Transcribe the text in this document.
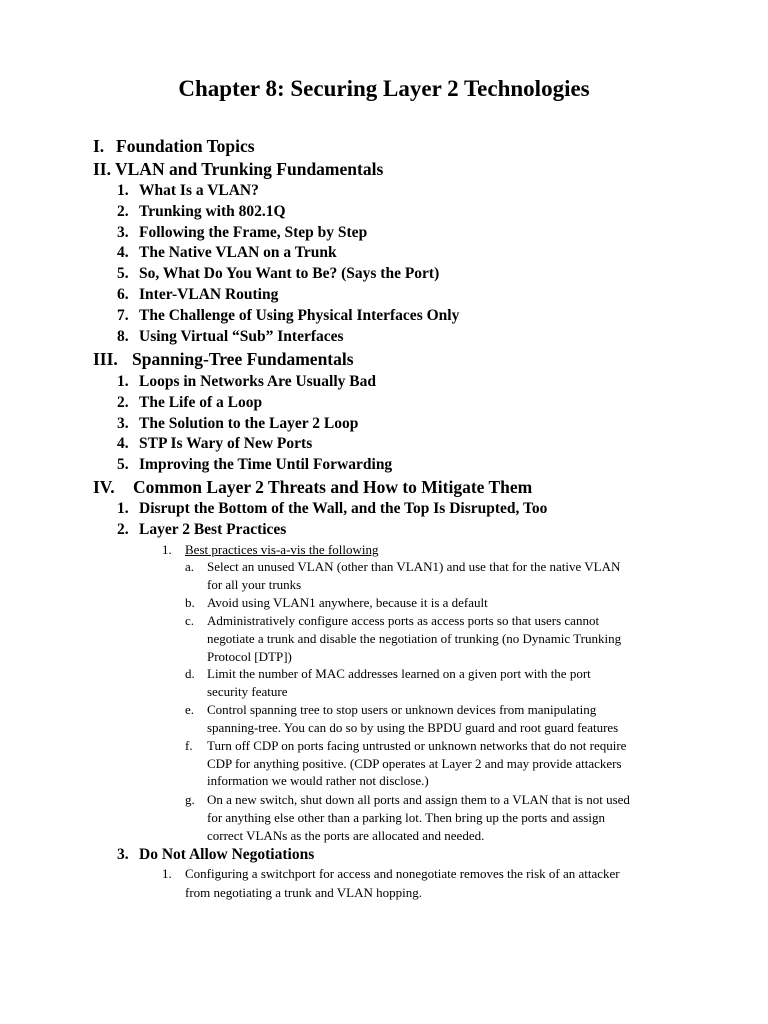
Chapter 8: Securing Layer 2 Technologies
I. Foundation Topics
II. VLAN and Trunking Fundamentals
1. What Is a VLAN?
2. Trunking with 802.1Q
3. Following the Frame, Step by Step
4. The Native VLAN on a Trunk
5. So, What Do You Want to Be? (Says the Port)
6. Inter-VLAN Routing
7. The Challenge of Using Physical Interfaces Only
8. Using Virtual “Sub” Interfaces
III. Spanning-Tree Fundamentals
1. Loops in Networks Are Usually Bad
2. The Life of a Loop
3. The Solution to the Layer 2 Loop
4. STP Is Wary of New Ports
5. Improving the Time Until Forwarding
IV. Common Layer 2 Threats and How to Mitigate Them
1. Disrupt the Bottom of the Wall, and the Top Is Disrupted, Too
2. Layer 2 Best Practices
1. Best practices vis-a-vis the following
a. Select an unused VLAN (other than VLAN1) and use that for the native VLAN
for all your trunks
b. Avoid using VLAN1 anywhere, because it is a default
c. Administratively configure access ports as access ports so that users cannot
negotiate a trunk and disable the negotiation of trunking (no Dynamic Trunking
Protocol [DTP])
d. Limit the number of MAC addresses learned on a given port with the port
security feature
e. Control spanning tree to stop users or unknown devices from manipulating
spanning-tree. You can do so by using the BPDU guard and root guard features
f. Turn off CDP on ports facing untrusted or unknown networks that do not require
CDP for anything positive. (CDP operates at Layer 2 and may provide attackers
information we would rather not disclose.)
g. On a new switch, shut down all ports and assign them to a VLAN that is not used
for anything else other than a parking lot. Then bring up the ports and assign
correct VLANs as the ports are allocated and needed.
3. Do Not Allow Negotiations
1. Configuring a switchport for access and nonegotiate removes the risk of an attacker
from negotiating a trunk and VLAN hopping.
